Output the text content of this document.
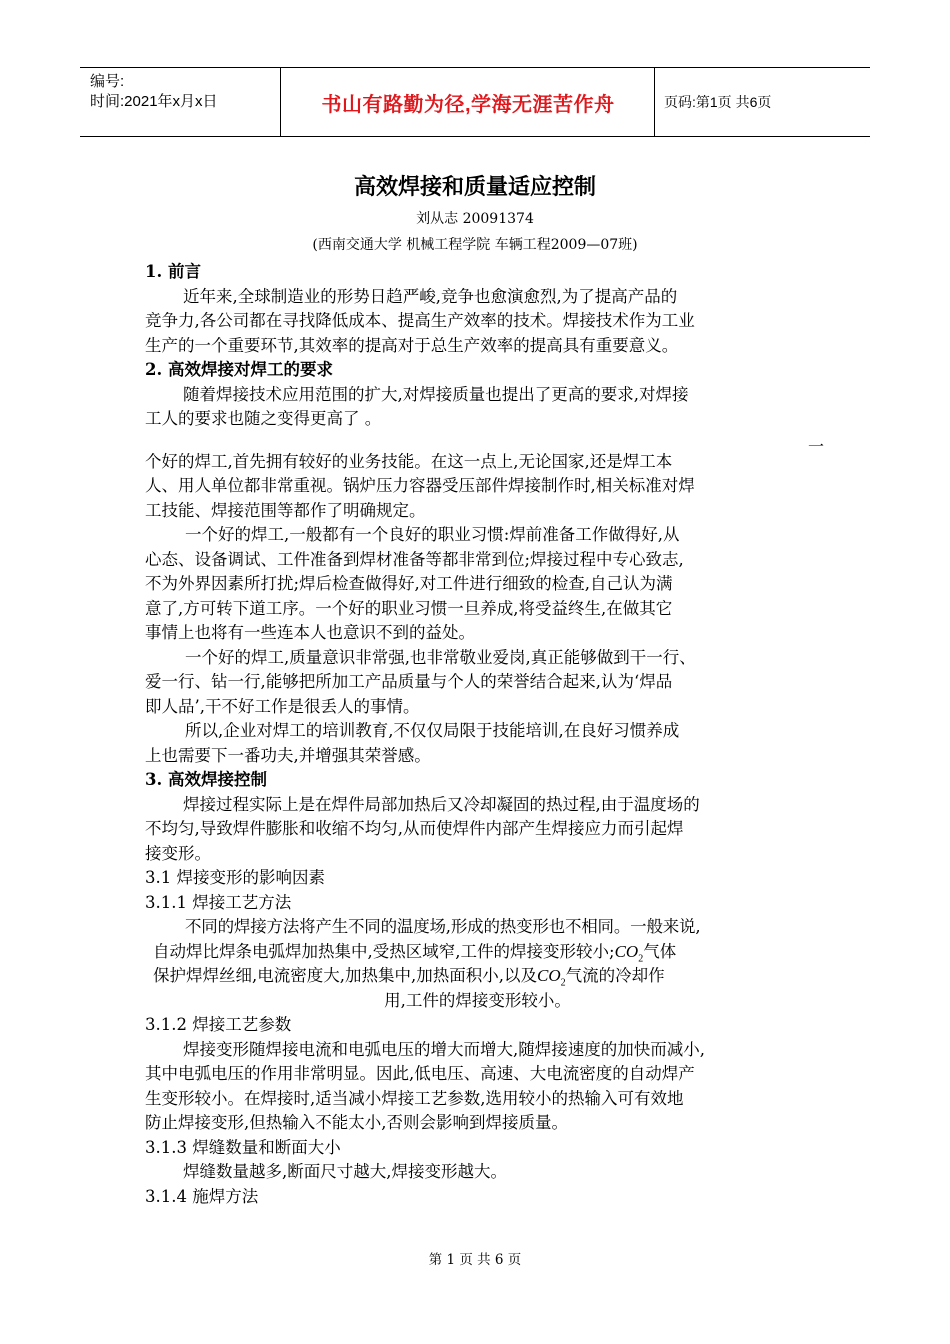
编号:
时间:2021年x月x日	书山有路勤为径,学海无涯苦作舟	页码:第1页 共6页
高效焊接和质量适应控制
刘从志 20091374
(西南交通大学 机械工程学院 车辆工程2009—07班)
一
1. 前言
近年来,全球制造业的形势日趋严峻,竞争也愈演愈烈,为了提高产品的
竞争力,各公司都在寻找降低成本、提高生产效率的技术。焊接技术作为工业
生产的一个重要环节,其效率的提高对于总生产效率的提高具有重要意义。
2. 高效焊接对焊工的要求
随着焊接技术应用范围的扩大,对焊接质量也提出了更高的要求,对焊接
工人的要求也随之变得更高了 。
个好的焊工,首先拥有较好的业务技能。在这一点上,无论国家,还是焊工本
人、用人单位都非常重视。锅炉压力容器受压部件焊接制作时,相关标准对焊
工技能、焊接范围等都作了明确规定。
一个好的焊工,一般都有一个良好的职业习惯:焊前准备工作做得好,从
心态、设备调试、工件准备到焊材准备等都非常到位;焊接过程中专心致志,
不为外界因素所打扰;焊后检查做得好,对工件进行细致的检查,自己认为满
意了,方可转下道工序。一个好的职业习惯一旦养成,将受益终生,在做其它
事情上也将有一些连本人也意识不到的益处。
一个好的焊工,质量意识非常强,也非常敬业爱岗,真正能够做到干一行、
爱一行、钻一行,能够把所加工产品质量与个人的荣誉结合起来,认为‘焊品
即人品’,干不好工作是很丢人的事情。
所以,企业对焊工的培训教育,不仅仅局限于技能培训,在良好习惯养成
上也需要下一番功夫,并增强其荣誉感。
3. 高效焊接控制
焊接过程实际上是在焊件局部加热后又冷却凝固的热过程,由于温度场的
不均匀,导致焊件膨胀和收缩不均匀,从而使焊件内部产生焊接应力而引起焊
接变形。
3.1 焊接变形的影响因素
3.1.1 焊接工艺方法
不同的焊接方法将产生不同的温度场,形成的热变形也不相同。一般来说,
自动焊比焊条电弧焊加热集中,受热区域窄,工件的焊接变形较小$;CO_2$气体
保护焊焊丝细,电流密度大,加热集中,加热面积小,以及$CO_2$气流的冷却作
用,工件的焊接变形较小。
3.1.2 焊接工艺参数
焊接变形随焊接电流和电弧电压的增大而增大,随焊接速度的加快而减小,
其中电弧电压的作用非常明显。因此,低电压、高速、大电流密度的自动焊产
生变形较小。在焊接时,适当减小焊接工艺参数,选用较小的热输入可有效地
防止焊接变形,但热输入不能太小,否则会影响到焊接质量。
3.1.3 焊缝数量和断面大小
焊缝数量越多,断面尺寸越大,焊接变形越大。
3.1.4 施焊方法
第 1 页 共 6 页
